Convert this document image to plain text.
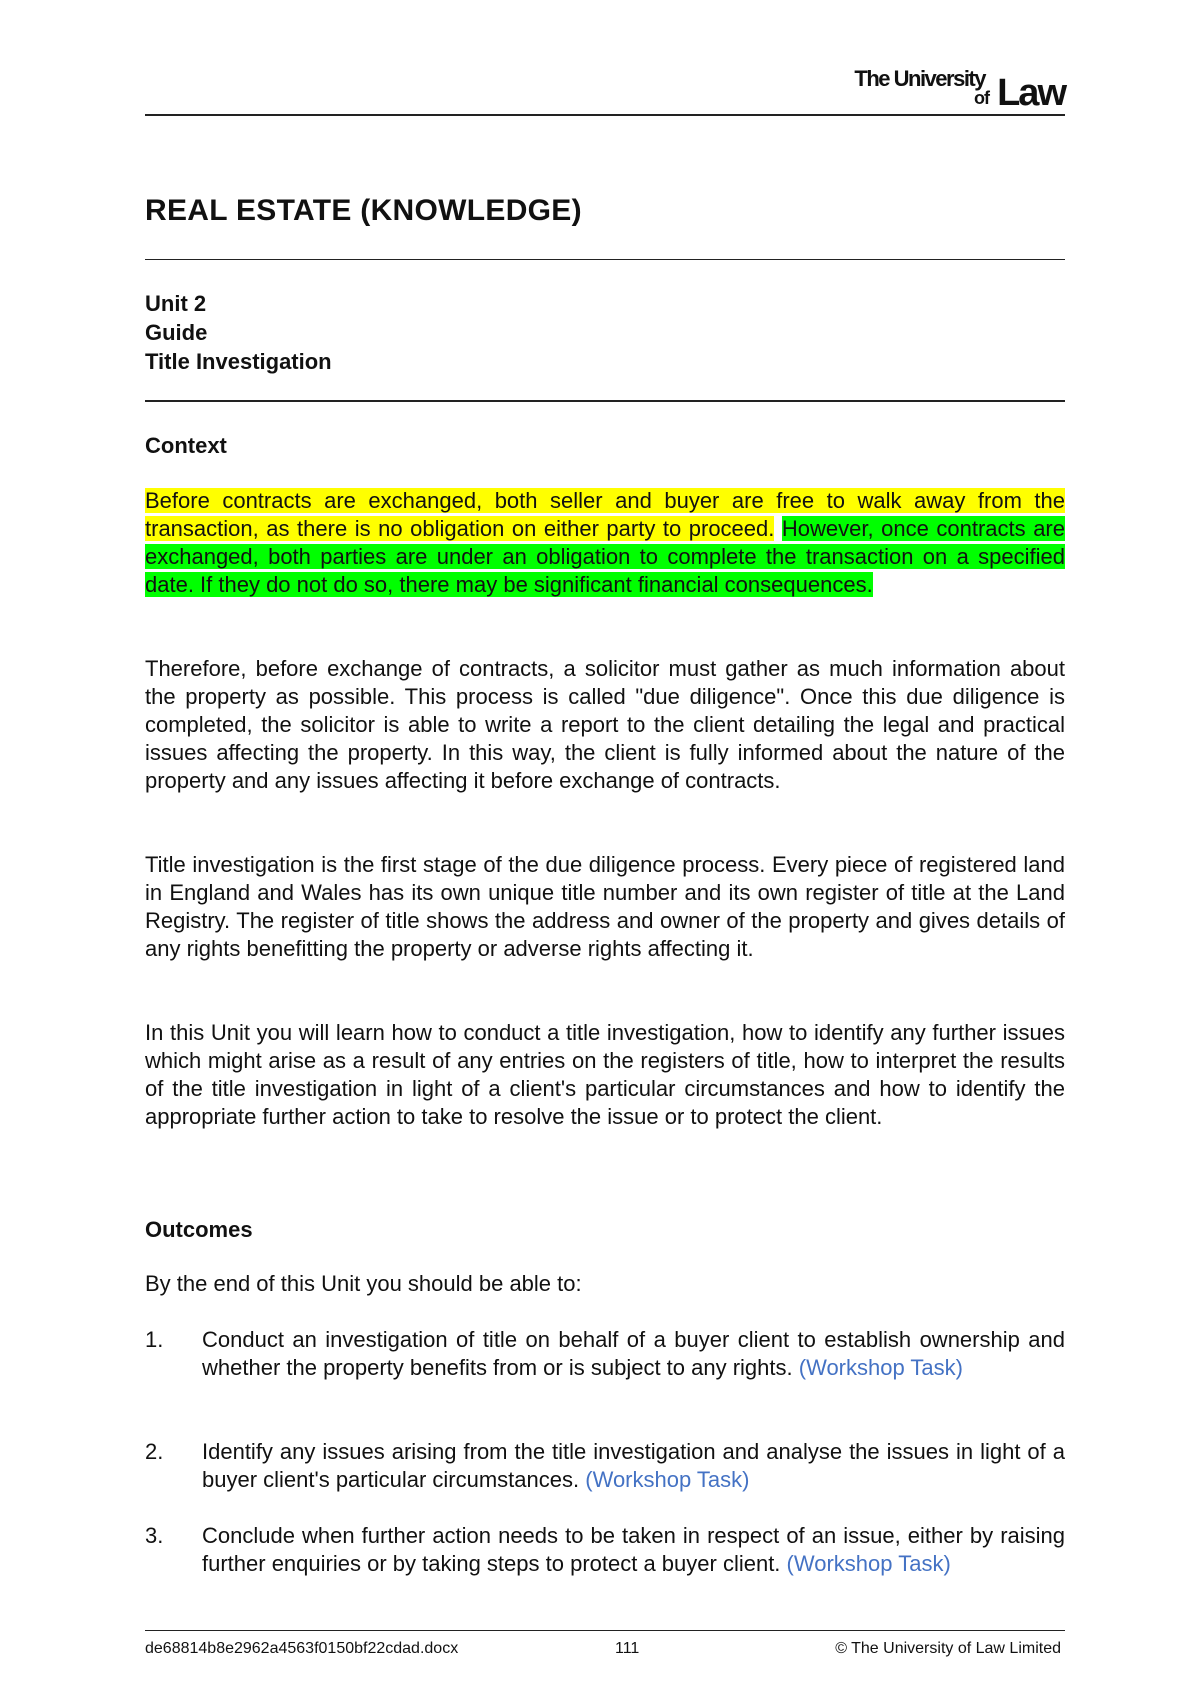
The University
of Law
REAL ESTATE (KNOWLEDGE)
Unit 2
Guide
Title Investigation
Context

Before contracts are exchanged, both seller and buyer are free to walk away from the transaction, as there is no obligation on either party to proceed. However, once contracts are exchanged, both parties are under an obligation to complete the transaction on a specified date. If they do not do so, there may be significant financial consequences.

Therefore, before exchange of contracts, a solicitor must gather as much information about the property as possible. This process is called "due diligence". Once this due diligence is completed, the solicitor is able to write a report to the client detailing the legal and practical issues affecting the property. In this way, the client is fully informed about the nature of the property and any issues affecting it before exchange of contracts.

Title investigation is the first stage of the due diligence process. Every piece of registered land in England and Wales has its own unique title number and its own register of title at the Land Registry. The register of title shows the address and owner of the property and gives details of any rights benefitting the property or adverse rights affecting it.

In this Unit you will learn how to conduct a title investigation, how to identify any further issues which might arise as a result of any entries on the registers of title, how to interpret the results of the title investigation in light of a client's particular circumstances and how to identify the appropriate further action to take to resolve the issue or to protect the client.

Outcomes

By the end of this Unit you should be able to:

1. Conduct an investigation of title on behalf of a buyer client to establish ownership and whether the property benefits from or is subject to any rights. (Workshop Task)
2. Identify any issues arising from the title investigation and analyse the issues in light of a buyer client's particular circumstances. (Workshop Task)
3. Conclude when further action needs to be taken in respect of an issue, either by raising further enquiries or by taking steps to protect a buyer client. (Workshop Task)
de68814b8e2962a4563f0150bf22cdad.docx	111	© The University of Law Limited
